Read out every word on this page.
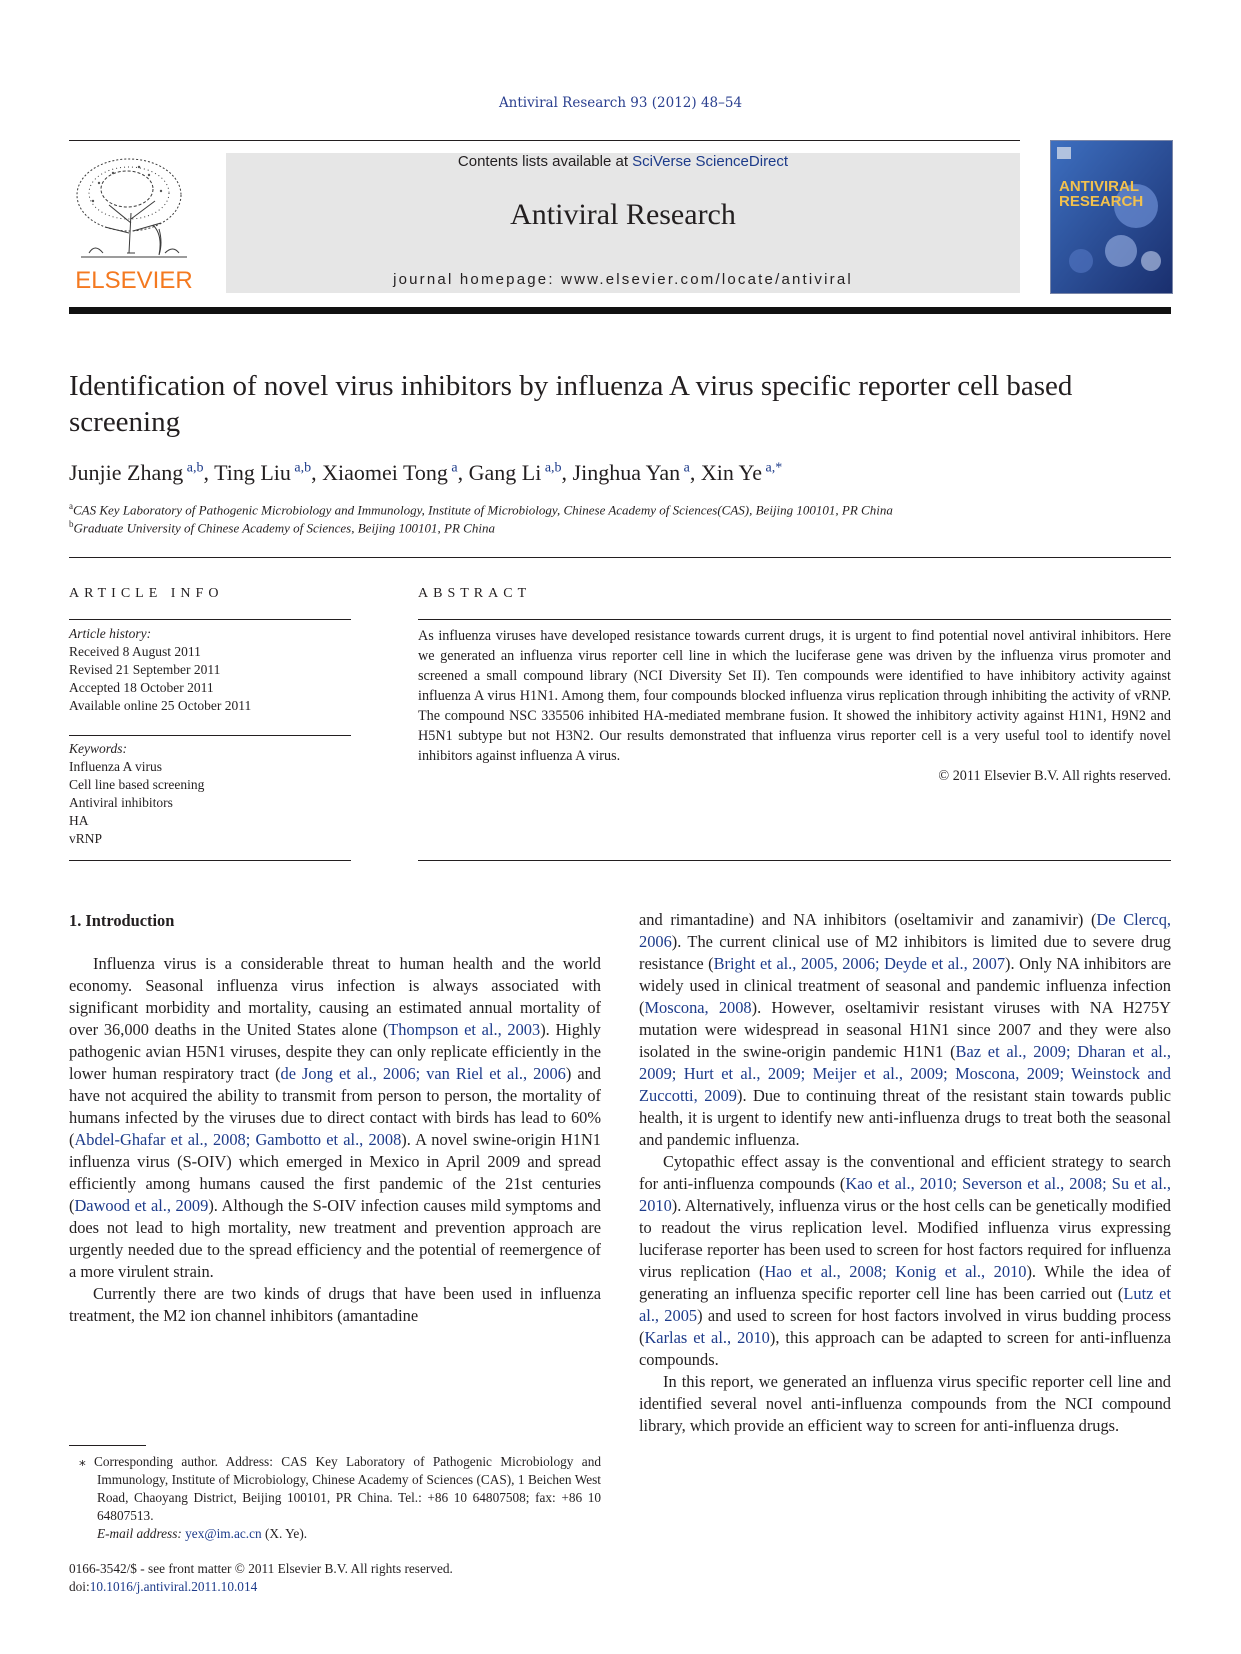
Antiviral Research 93 (2012) 48–54
ELSEVIER
Contents lists available at SciVerse ScienceDirect
Antiviral Research
journal homepage: www.elsevier.com/locate/antiviral
ANTIVIRAL
RESEARCH
Identification of novel virus inhibitors by influenza A virus specific reporter cell based screening
Junjie Zhang $^{a,b}$, Ting Liu $^{a,b}$, Xiaomei Tong $^a$, Gang Li $^{a,b}$, Jinghua Yan $^a$, Xin Ye $^{a,*}$
$^a$CAS Key Laboratory of Pathogenic Microbiology and Immunology, Institute of Microbiology, Chinese Academy of Sciences(CAS), Beijing 100101, PR China
$^b$Graduate University of Chinese Academy of Sciences, Beijing 100101, PR China
ARTICLE INFO
Article history:
Received 8 August 2011
Revised 21 September 2011
Accepted 18 October 2011
Available online 25 October 2011
Keywords:
Influenza A virus
Cell line based screening
Antiviral inhibitors
HA
vRNP
ABSTRACT
As influenza viruses have developed resistance towards current drugs, it is urgent to find potential novel antiviral inhibitors. Here we generated an influenza virus reporter cell line in which the luciferase gene was driven by the influenza virus promoter and screened a small compound library (NCI Diversity Set II). Ten compounds were identified to have inhibitory activity against influenza A virus H1N1. Among them, four compounds blocked influenza virus replication through inhibiting the activity of vRNP. The compound NSC 335506 inhibited HA-mediated membrane fusion. It showed the inhibitory activity against H1N1, H9N2 and H5N1 subtype but not H3N2. Our results demonstrated that influenza virus reporter cell is a very useful tool to identify novel inhibitors against influenza A virus.
© 2011 Elsevier B.V. All rights reserved.
1. Introduction

Influenza virus is a considerable threat to human health and the world economy. Seasonal influenza virus infection is always associated with significant morbidity and mortality, causing an estimated annual mortality of over 36,000 deaths in the United States alone (Thompson et al., 2003). Highly pathogenic avian H5N1 viruses, despite they can only replicate efficiently in the lower human respiratory tract (de Jong et al., 2006; van Riel et al., 2006) and have not acquired the ability to transmit from person to person, the mortality of humans infected by the viruses due to direct contact with birds has lead to 60% (Abdel-Ghafar et al., 2008; Gambotto et al., 2008). A novel swine-origin H1N1 influenza virus (S-OIV) which emerged in Mexico in April 2009 and spread efficiently among humans caused the first pandemic of the 21st centuries (Dawood et al., 2009). Although the S-OIV infection causes mild symptoms and does not lead to high mortality, new treatment and prevention approach are urgently needed due to the spread efficiency and the potential of reemergence of a more virulent strain.

Currently there are two kinds of drugs that have been used in influenza treatment, the M2 ion channel inhibitors (amantadine

and rimantadine) and NA inhibitors (oseltamivir and zanamivir) (De Clercq, 2006). The current clinical use of M2 inhibitors is limited due to severe drug resistance (Bright et al., 2005, 2006; Deyde et al., 2007). Only NA inhibitors are widely used in clinical treatment of seasonal and pandemic influenza infection (Moscona, 2008). However, oseltamivir resistant viruses with NA H275Y mutation were widespread in seasonal H1N1 since 2007 and they were also isolated in the swine-origin pandemic H1N1 (Baz et al., 2009; Dharan et al., 2009; Hurt et al., 2009; Meijer et al., 2009; Moscona, 2009; Weinstock and Zuccotti, 2009). Due to continuing threat of the resistant stain towards public health, it is urgent to identify new anti-influenza drugs to treat both the seasonal and pandemic influenza.

Cytopathic effect assay is the conventional and efficient strategy to search for anti-influenza compounds (Kao et al., 2010; Severson et al., 2008; Su et al., 2010). Alternatively, influenza virus or the host cells can be genetically modified to readout the virus replication level. Modified influenza virus expressing luciferase reporter has been used to screen for host factors required for influenza virus replication (Hao et al., 2008; Konig et al., 2010). While the idea of generating an influenza specific reporter cell line has been carried out (Lutz et al., 2005) and used to screen for host factors involved in virus budding process (Karlas et al., 2010), this approach can be adapted to screen for anti-influenza compounds.

In this report, we generated an influenza virus specific reporter cell line and identified several novel anti-influenza compounds from the NCI compound library, which provide an efficient way to screen for anti-influenza drugs.

⁎ Corresponding author. Address: CAS Key Laboratory of Pathogenic Microbiology and Immunology, Institute of Microbiology, Chinese Academy of Sciences (CAS), 1 Beichen West Road, Chaoyang District, Beijing 100101, PR China. Tel.: +86 10 64807508; fax: +86 10 64807513.
E-mail address: yex@im.ac.cn (X. Ye).
0166-3542/$ - see front matter © 2011 Elsevier B.V. All rights reserved.
doi:10.1016/j.antiviral.2011.10.014
